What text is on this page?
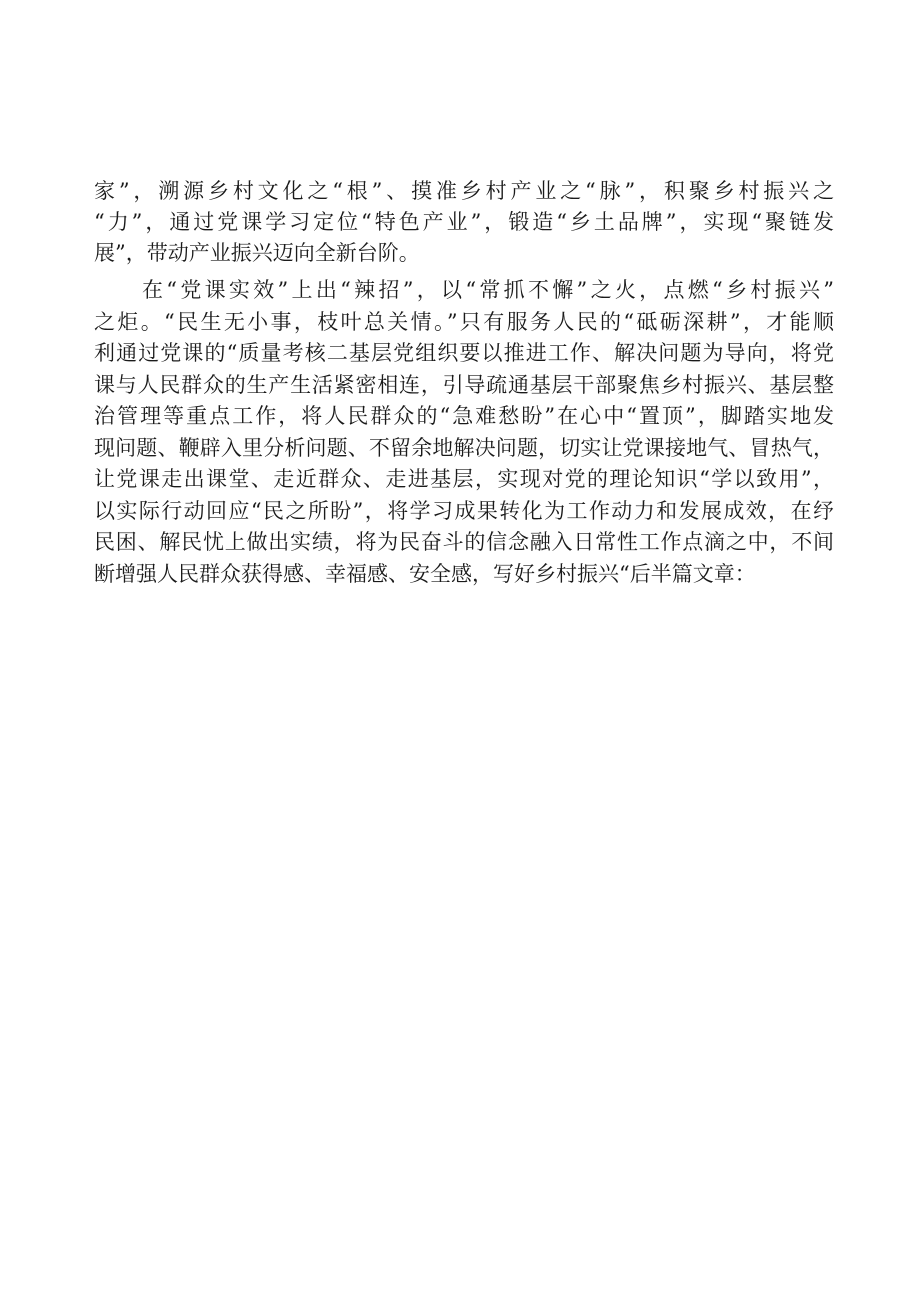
家”，溯源乡村文化之“根”、摸准乡村产业之“脉”，积聚乡村振兴之
“力”，通过党课学习定位“特色产业”，锻造“乡土品牌”，实现“聚链发
展”，带动产业振兴迈向全新台阶。
在“党课实效”上出“辣招”，以“常抓不懈”之火，点燃“乡村振兴”
之炬。“民生无小事，枝叶总关情。”只有服务人民的“砥砺深耕”，才能顺
利通过党课的“质量考核二基层党组织要以推进工作、解决问题为导向，将党
课与人民群众的生产生活紧密相连，引导疏通基层干部聚焦乡村振兴、基层整
治管理等重点工作，将人民群众的“急难愁盼”在心中“置顶”，脚踏实地发
现问题、鞭辟入里分析问题、不留余地解决问题，切实让党课接地气、冒热气，
让党课走出课堂、走近群众、走进基层，实现对党的理论知识“学以致用”，
以实际行动回应“民之所盼”，将学习成果转化为工作动力和发展成效，在纾
民困、解民忧上做出实绩，将为民奋斗的信念融入日常性工作点滴之中，不间
断增强人民群众获得感、幸福感、安全感，写好乡村振兴“后半篇文章：
